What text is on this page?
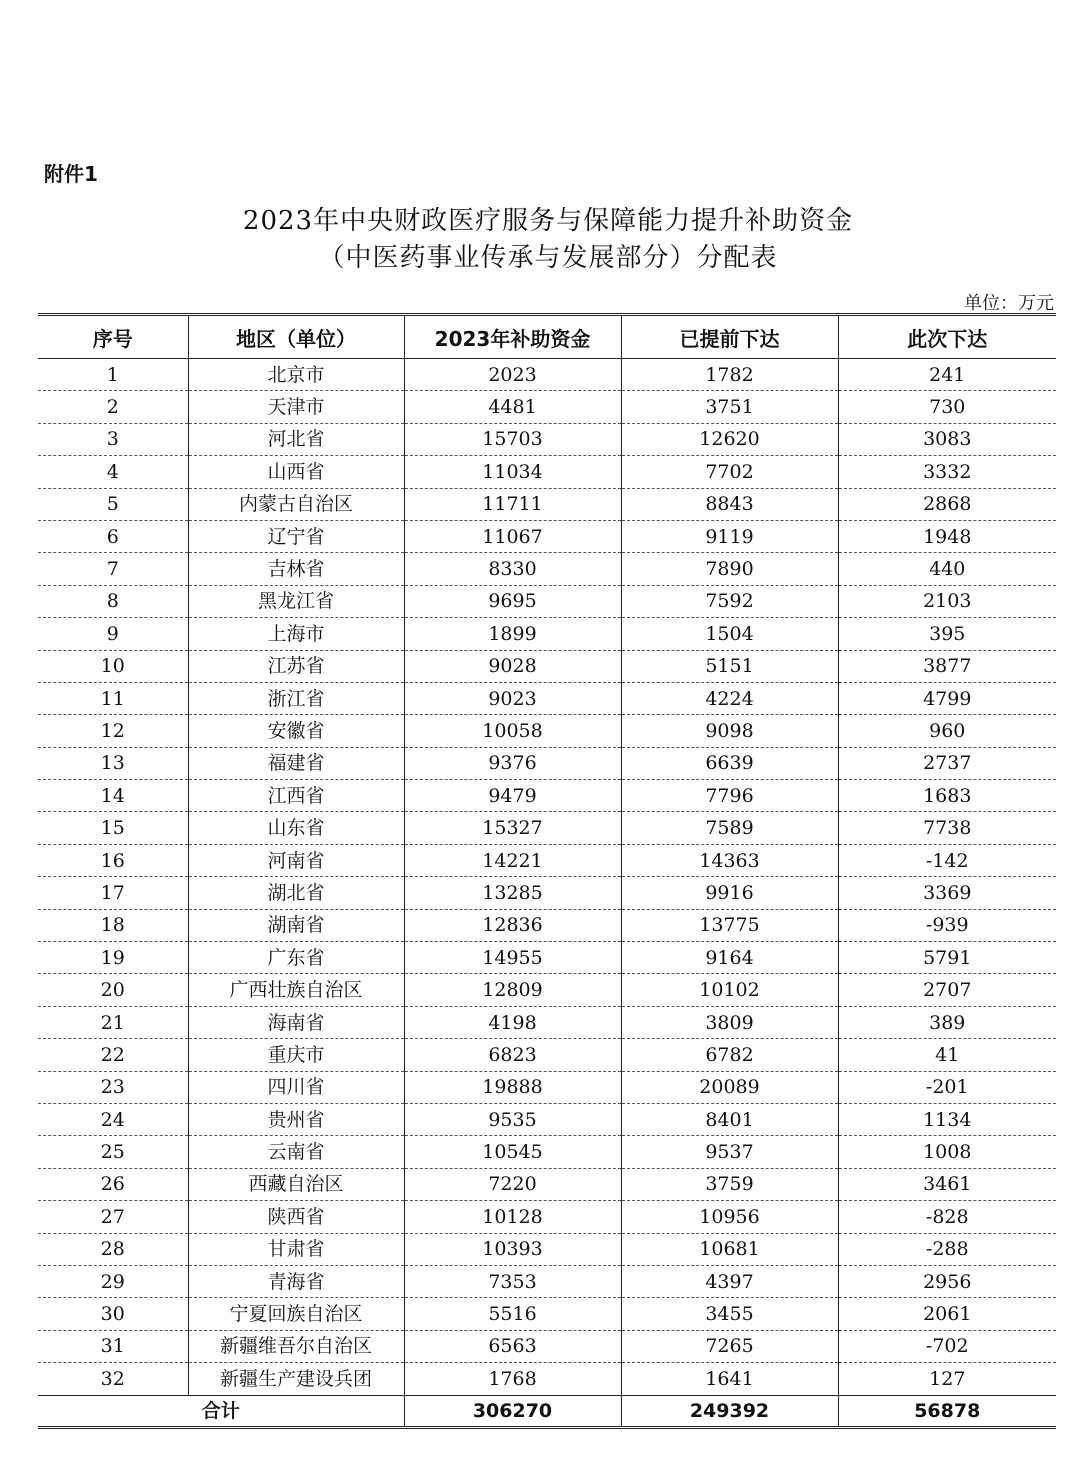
附件1
2023年中央财政医疗服务与保障能力提升补助资金
（中医药事业传承与发展部分）分配表
单位：万元
序号	地区（单位）	2023年补助资金	已提前下达	此次下达
1	北京市	2023	1782	241
2	天津市	4481	3751	730
3	河北省	15703	12620	3083
4	山西省	11034	7702	3332
5	内蒙古自治区	11711	8843	2868
6	辽宁省	11067	9119	1948
7	吉林省	8330	7890	440
8	黑龙江省	9695	7592	2103
9	上海市	1899	1504	395
10	江苏省	9028	5151	3877
11	浙江省	9023	4224	4799
12	安徽省	10058	9098	960
13	福建省	9376	6639	2737
14	江西省	9479	7796	1683
15	山东省	15327	7589	7738
16	河南省	14221	14363	-142
17	湖北省	13285	9916	3369
18	湖南省	12836	13775	-939
19	广东省	14955	9164	5791
20	广西壮族自治区	12809	10102	2707
21	海南省	4198	3809	389
22	重庆市	6823	6782	41
23	四川省	19888	20089	-201
24	贵州省	9535	8401	1134
25	云南省	10545	9537	1008
26	西藏自治区	7220	3759	3461
27	陕西省	10128	10956	-828
28	甘肃省	10393	10681	-288
29	青海省	7353	4397	2956
30	宁夏回族自治区	5516	3455	2061
31	新疆维吾尔自治区	6563	7265	-702
32	新疆生产建设兵团	1768	1641	127
合计		306270	249392	56878
